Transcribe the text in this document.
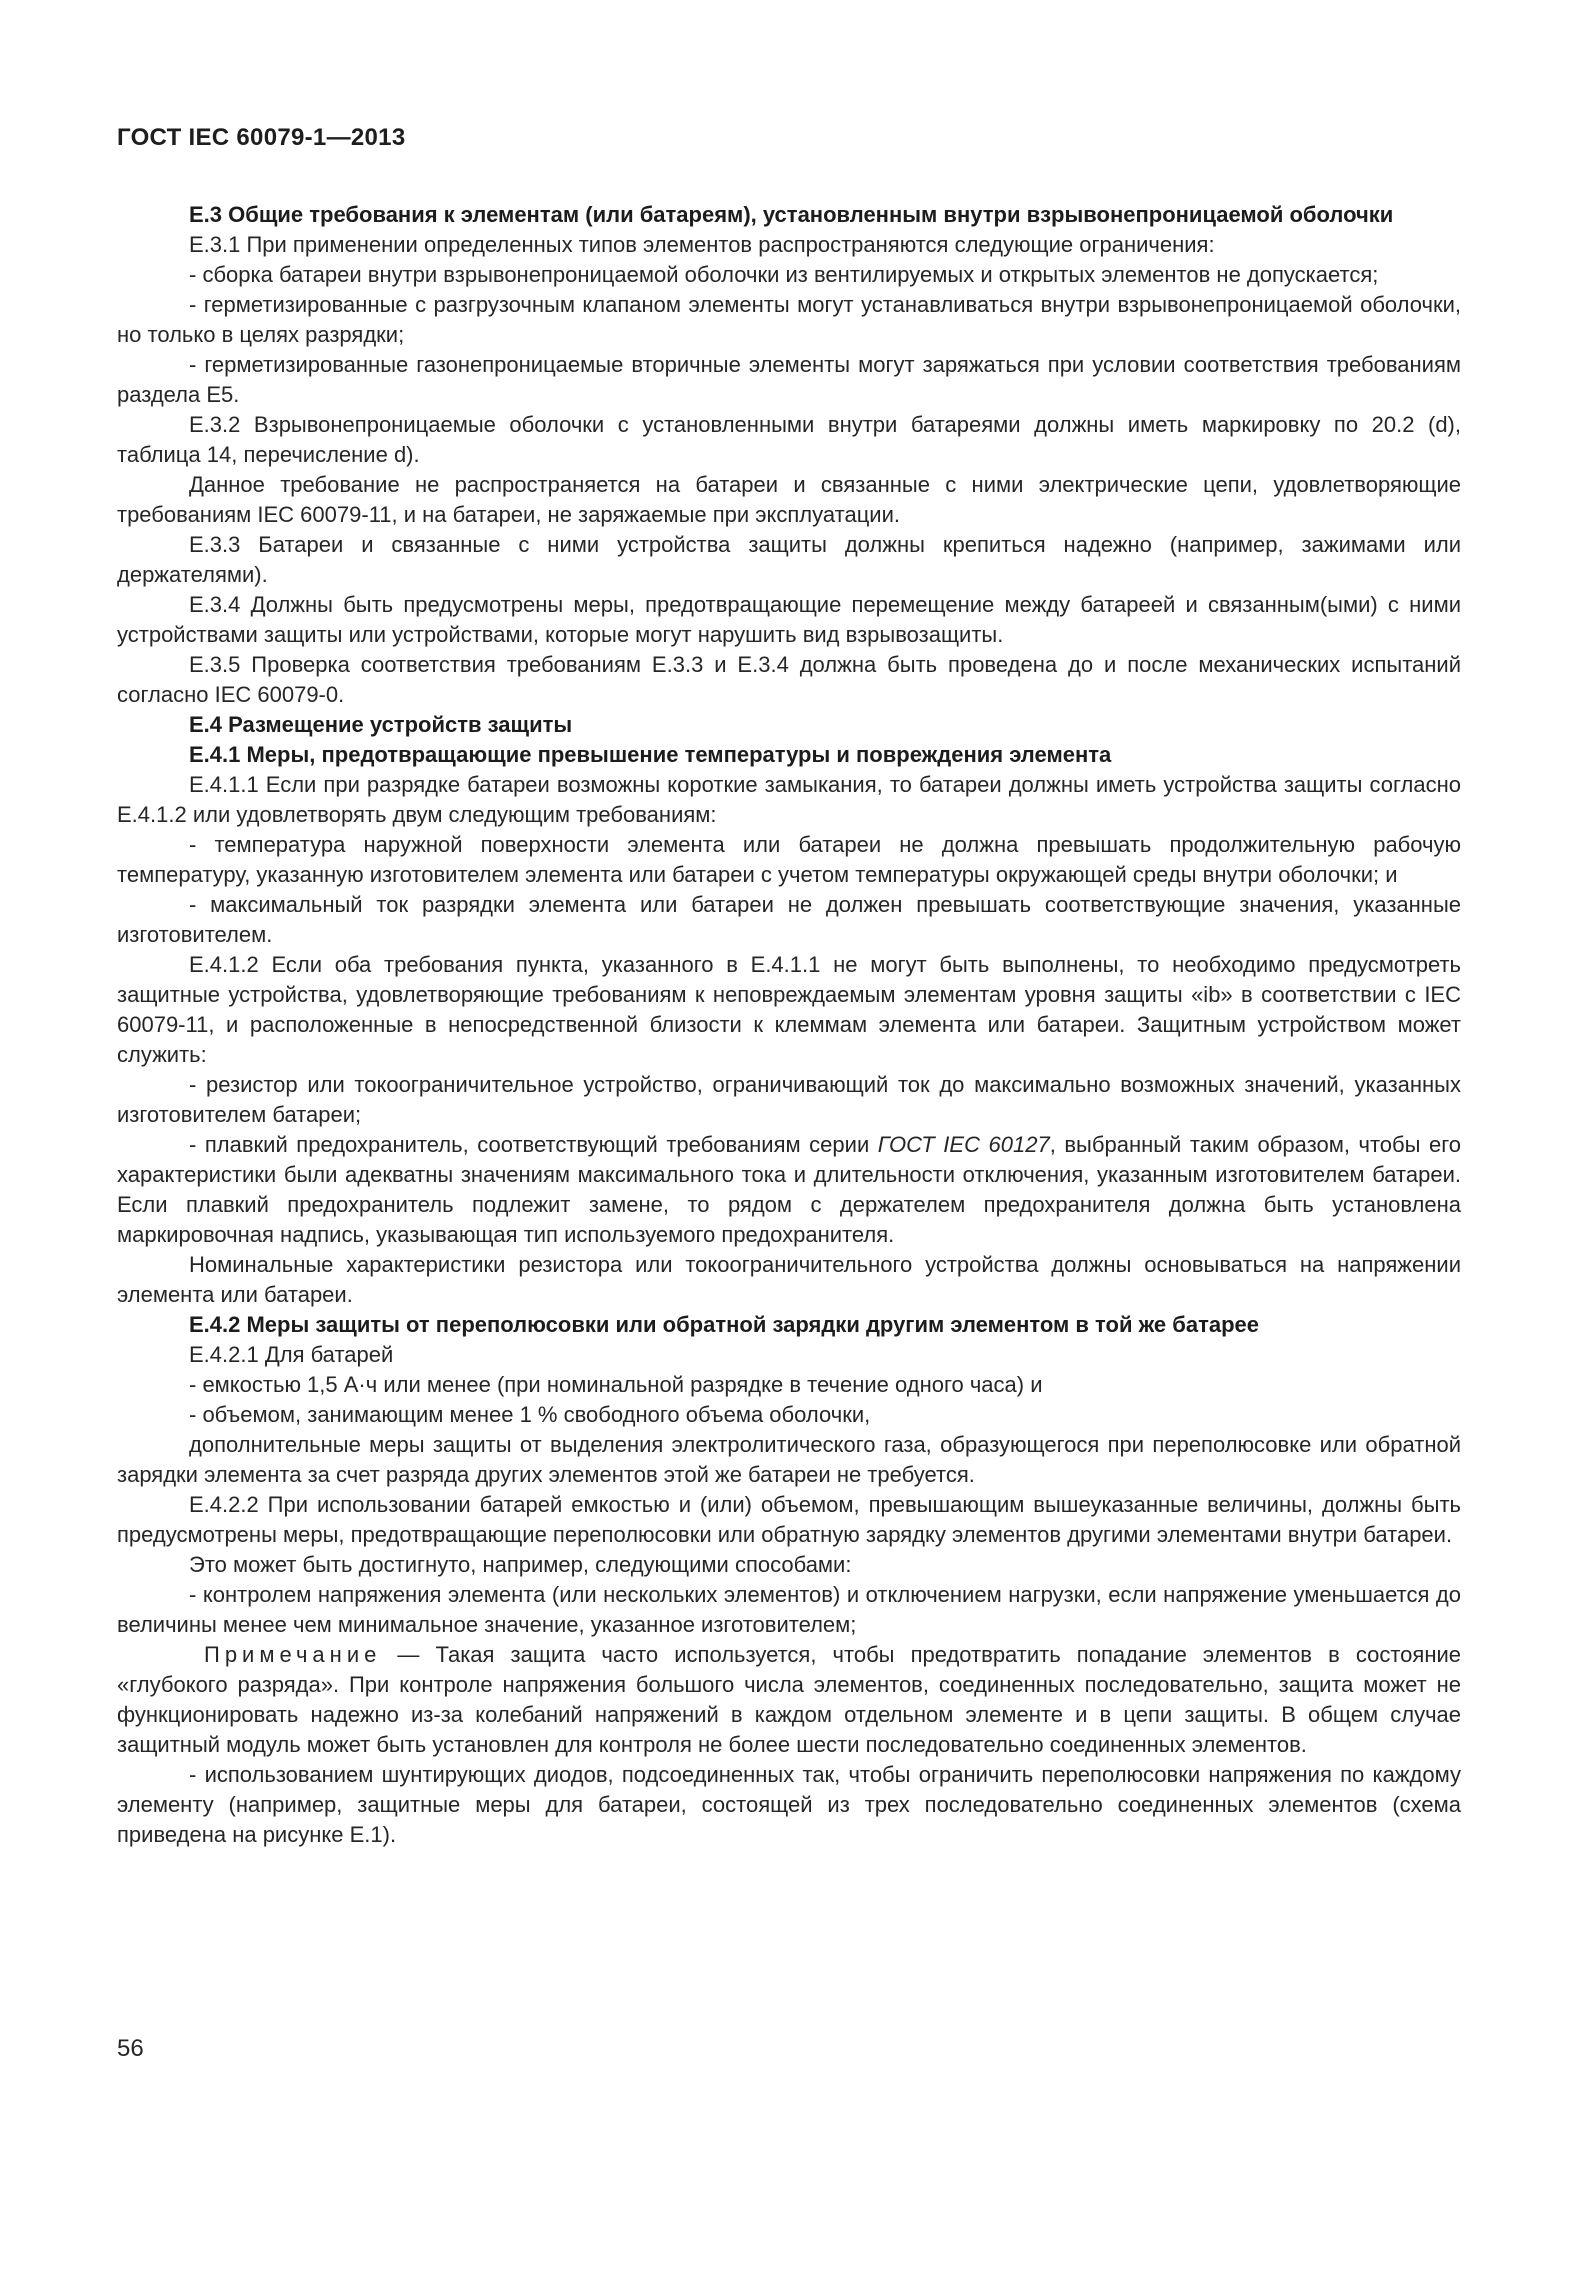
ГОСТ IEC 60079-1—2013

Е.3 Общие требования к элементам (или батареям), установленным внутри взрывонепроницаемой оболочки

Е.3.1 При применении определенных типов элементов распространяются следующие ограничения:

- сборка батареи внутри взрывонепроницаемой оболочки из вентилируемых и открытых элементов не допускается;

- герметизированные с разгрузочным клапаном элементы могут устанавливаться внутри взрывонепроницаемой оболочки, но только в целях разрядки;

- герметизированные газонепроницаемые вторичные элементы могут заряжаться при условии соответствия требованиям раздела Е5.

Е.3.2 Взрывонепроницаемые оболочки с установленными внутри батареями должны иметь маркировку по 20.2 (d), таблица 14, перечисление d).

Данное требование не распространяется на батареи и связанные с ними электрические цепи, удовлетворяющие требованиям IEC 60079-11, и на батареи, не заряжаемые при эксплуатации.

Е.3.3 Батареи и связанные с ними устройства защиты должны крепиться надежно (например, зажимами или держателями).

Е.3.4 Должны быть предусмотрены меры, предотвращающие перемещение между батареей и связанным(ыми) с ними устройствами защиты или устройствами, которые могут нарушить вид взрывозащиты.

Е.3.5 Проверка соответствия требованиям Е.3.3 и Е.3.4 должна быть проведена до и после механических испытаний согласно IEC 60079-0.

Е.4 Размещение устройств защиты

Е.4.1 Меры, предотвращающие превышение температуры и повреждения элемента

Е.4.1.1 Если при разрядке батареи возможны короткие замыкания, то батареи должны иметь устройства защиты согласно Е.4.1.2 или удовлетворять двум следующим требованиям:

- температура наружной поверхности элемента или батареи не должна превышать продолжительную рабочую температуру, указанную изготовителем элемента или батареи с учетом температуры окружающей среды внутри оболочки; и

- максимальный ток разрядки элемента или батареи не должен превышать соответствующие значения, указанные изготовителем.

Е.4.1.2 Если оба требования пункта, указанного в Е.4.1.1 не могут быть выполнены, то необходимо предусмотреть защитные устройства, удовлетворяющие требованиям к неповреждаемым элементам уровня защиты «ib» в соответствии с IEC 60079-11, и расположенные в непосредственной близости к клеммам элемента или батареи. Защитным устройством может служить:

- резистор или токоограничительное устройство, ограничивающий ток до максимально возможных значений, указанных изготовителем батареи;

- плавкий предохранитель, соответствующий требованиям серии ГОСТ IEC 60127, выбранный таким образом, чтобы его характеристики были адекватны значениям максимального тока и длительности отключения, указанным изготовителем батареи. Если плавкий предохранитель подлежит замене, то рядом с держателем предохранителя должна быть установлена маркировочная надпись, указывающая тип используемого предохранителя.

Номинальные характеристики резистора или токоограничительного устройства должны основываться на напряжении элемента или батареи.

Е.4.2 Меры защиты от переполюсовки или обратной зарядки другим элементом в той же батарее

Е.4.2.1 Для батарей

- емкостью 1,5 А·ч или менее (при номинальной разрядке в течение одного часа) и

- объемом, занимающим менее 1 % свободного объема оболочки,

дополнительные меры защиты от выделения электролитического газа, образующегося при переполюсовке или обратной зарядки элемента за счет разряда других элементов этой же батареи не требуется.

Е.4.2.2 При использовании батарей емкостью и (или) объемом, превышающим вышеуказанные величины, должны быть предусмотрены меры, предотвращающие переполюсовки или обратную зарядку элементов другими элементами внутри батареи.

Это может быть достигнуто, например, следующими способами:

- контролем напряжения элемента (или нескольких элементов) и отключением нагрузки, если напряжение уменьшается до величины менее чем минимальное значение, указанное изготовителем;

Примечание — Такая защита часто используется, чтобы предотвратить попадание элементов в состояние «глубокого разряда». При контроле напряжения большого числа элементов, соединенных последовательно, защита может не функционировать надежно из-за колебаний напряжений в каждом отдельном элементе и в цепи защиты. В общем случае защитный модуль может быть установлен для контроля не более шести последовательно соединенных элементов.

- использованием шунтирующих диодов, подсоединенных так, чтобы ограничить переполюсовки напряжения по каждому элементу (например, защитные меры для батареи, состоящей из трех последовательно соединенных элементов (схема приведена на рисунке Е.1).

56
